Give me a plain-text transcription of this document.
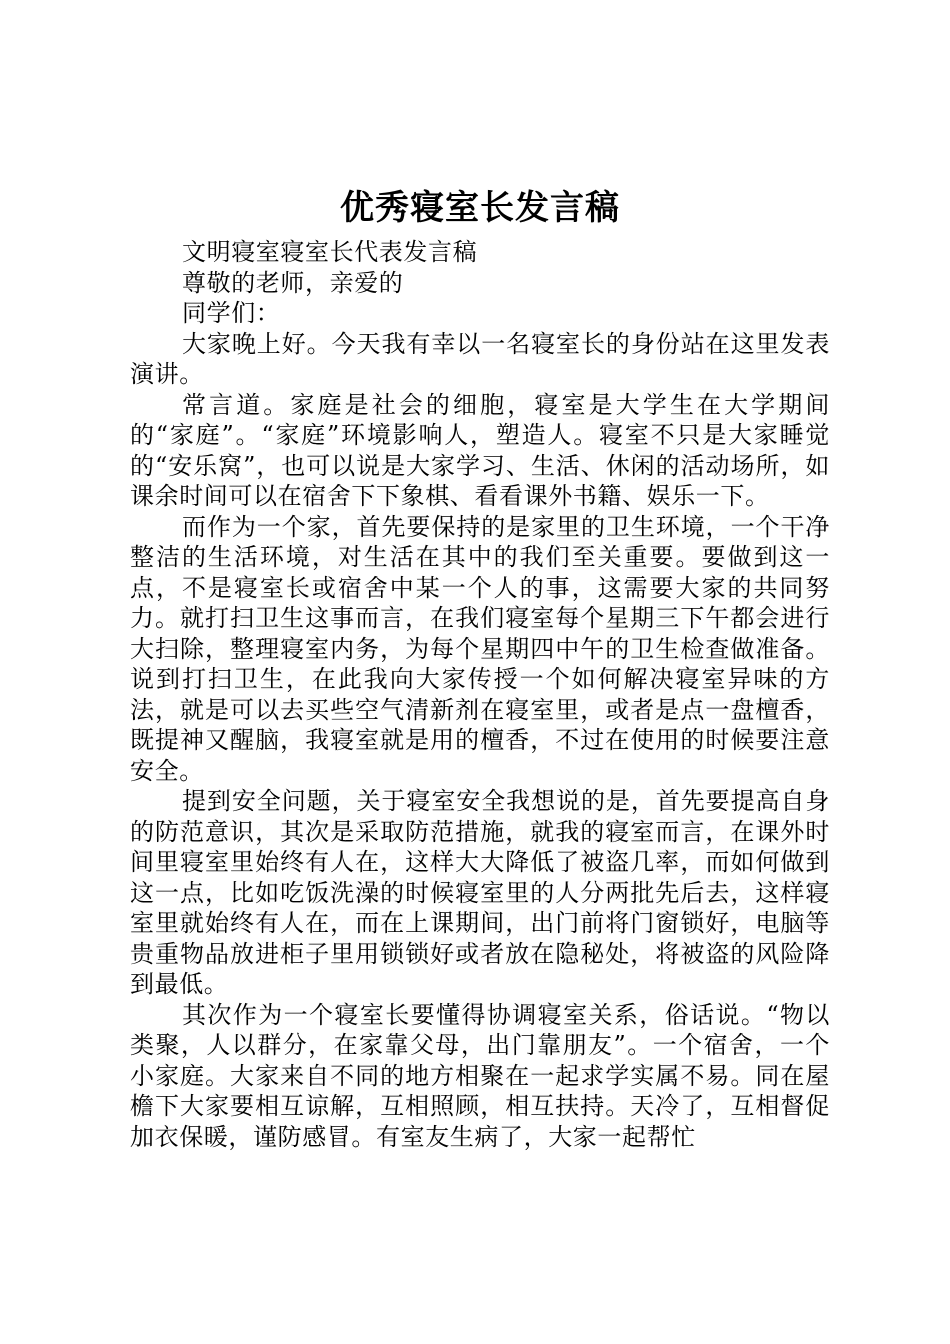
优秀寝室长发言稿

文明寝室寝室长代表发言稿

尊敬的老师，亲爱的

同学们：

大家晚上好。今天我有幸以一名寝室长的身份站在这里发表演讲。

常言道。家庭是社会的细胞，寝室是大学生在大学期间的“家庭”。“家庭”环境影响人，塑造人。寝室不只是大家睡觉的“安乐窝”，也可以说是大家学习、生活、休闲的活动场所，如课余时间可以在宿舍下下象棋、看看课外书籍、娱乐一下。

而作为一个家，首先要保持的是家里的卫生环境，一个干净整洁的生活环境，对生活在其中的我们至关重要。要做到这一点，不是寝室长或宿舍中某一个人的事，这需要大家的共同努力。就打扫卫生这事而言，在我们寝室每个星期三下午都会进行大扫除，整理寝室内务，为每个星期四中午的卫生检查做准备。说到打扫卫生，在此我向大家传授一个如何解决寝室异味的方法，就是可以去买些空气清新剂在寝室里，或者是点一盘檀香，既提神又醒脑，我寝室就是用的檀香，不过在使用的时候要注意安全。

提到安全问题，关于寝室安全我想说的是，首先要提高自身的防范意识，其次是采取防范措施，就我的寝室而言，在课外时间里寝室里始终有人在，这样大大降低了被盗几率，而如何做到这一点，比如吃饭洗澡的时候寝室里的人分两批先后去，这样寝室里就始终有人在，而在上课期间，出门前将门窗锁好，电脑等贵重物品放进柜子里用锁锁好或者放在隐秘处，将被盗的风险降到最低。

其次作为一个寝室长要懂得协调寝室关系，俗话说。“物以类聚，人以群分，在家靠父母，出门靠朋友”。一个宿舍，一个小家庭。大家来自不同的地方相聚在一起求学实属不易。同在屋檐下大家要相互谅解，互相照顾，相互扶持。天冷了，互相督促加衣保暖，谨防感冒。有室友生病了，大家一起帮忙
